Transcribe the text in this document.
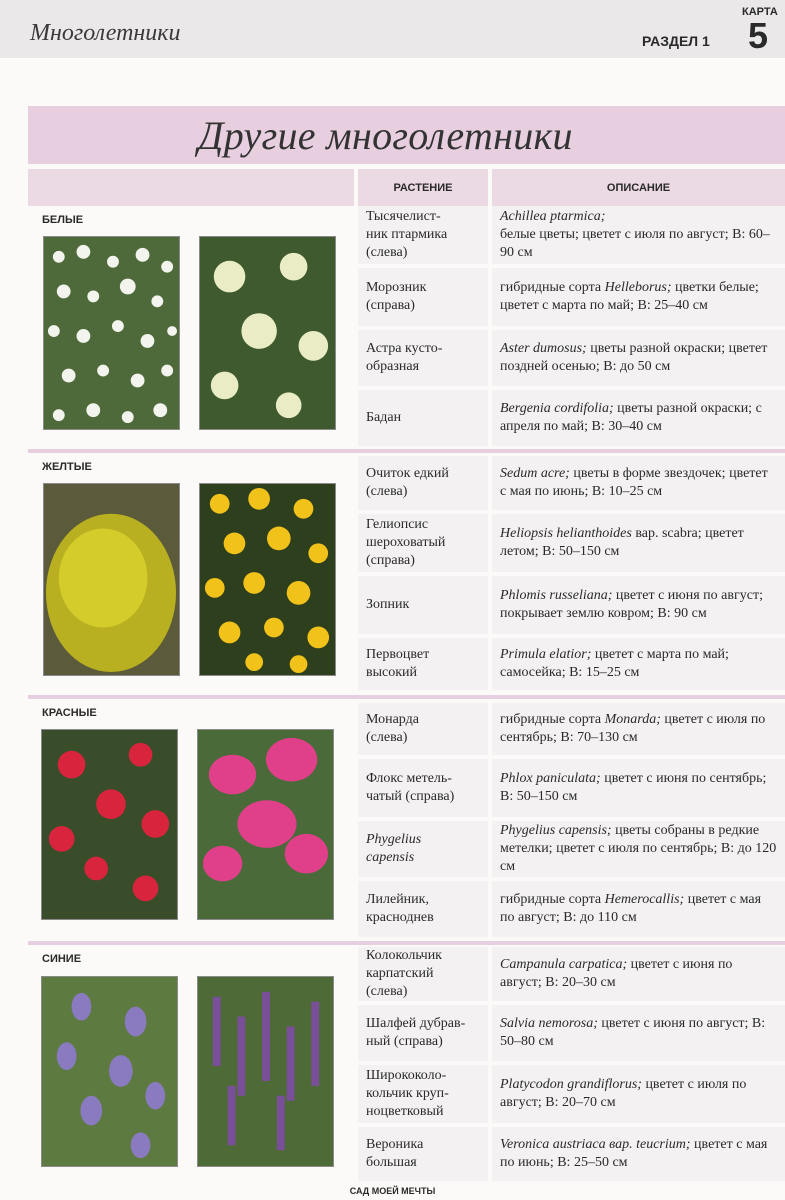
Многолетники	РАЗДЕЛ 1
КАРТА
5
Другие многолетники
РАСТЕНИЕ	ОПИСАНИЕ
БЕЛЫЕ
ЖЕЛТЫЕ
КРАСНЫЕ
СИНИЕ
Тысячелист-
ник птармика
(слева)
Achillea ptarmica;
белые цветы; цветет с июля по август; В: 60–90 см
Морозник
(справа)
гибридные сорта Helleborus; цветки белые; цветет с марта по май; В: 25–40 см
Астра кусто-
образная
Aster dumosus; цветы разной окраски; цветет поздней осенью; В: до 50 см
Бадан
Bergenia cordifolia; цветы разной окраски; с апреля по май; В: 30–40 см
Очиток едкий
(слева)
Sedum acre; цветы в форме звездочек; цветет с мая по июнь; В: 10–25 см
Гелиопсис
шероховатый
(справа)
Heliopsis helianthoides вар. scabra; цветет летом; В: 50–150 см
Зопник
Phlomis russeliana; цветет с июня по август; покрывает землю ковром; В: 90 см
Первоцвет
высокий
Primula elatior; цветет с марта по май; самосейка; В: 15–25 см
Монарда
(слева)
гибридные сорта Monarda; цветет с июля по сентябрь; В: 70–130 см
Флокс метель-
чатый (справа)
Phlox paniculata; цветет с июня по сентябрь; В: 50–150 см
Phygelius
capensis
Phygelius capensis; цветы собраны в редкие метелки; цветет с июля по сентябрь; В: до 120 см
Лилейник,
красноднев
гибридные сорта Hemerocallis; цветет с мая по август; В: до 110 см
Колокольчик
карпатский
(слева)
Campanula carpatica; цветет с июня по август; В: 20–30 см
Шалфей дубрав-
ный (справа)
Salvia nemorosa; цветет с июня по август; В: 50–80 см
Ширококоло-
кольчик круп-
ноцветковый
Platycodon grandiflorus; цветет с июля по август; В: 20–70 см
Вероника
большая
Veronica austriaca вар. teucrium; цветет с мая по июнь; В: 25–50 см
САД МОЕЙ МЕЧТЫ
